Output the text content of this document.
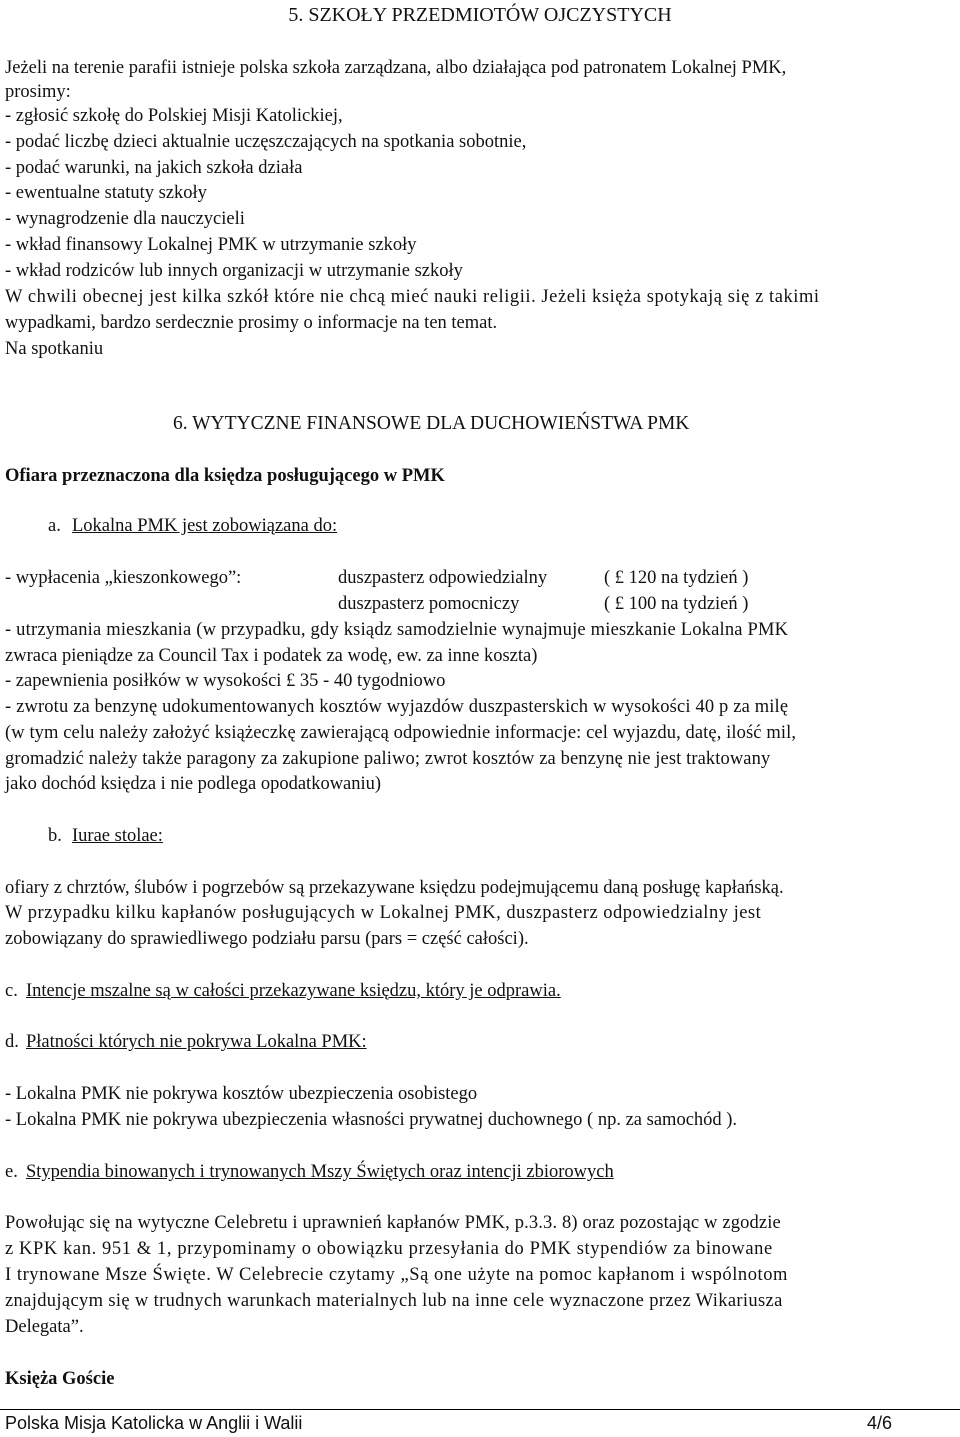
5. SZKOŁY PRZEDMIOTÓW OJCZYSTYCH
Jeżeli na terenie parafii istnieje polska szkoła zarządzana, albo działająca pod patronatem Lokalnej PMK,
prosimy:
- zgłosić szkołę do Polskiej Misji Katolickiej,
- podać liczbę dzieci aktualnie uczęszczających na spotkania sobotnie,
- podać warunki, na jakich szkoła działa
- ewentualne statuty szkoły
- wynagrodzenie dla nauczycieli
- wkład finansowy Lokalnej PMK w utrzymanie szkoły
- wkład rodziców lub innych organizacji w utrzymanie szkoły
W chwili obecnej jest kilka szkół które nie chcą mieć nauki religii. Jeżeli księża spotykają się z takimi
wypadkami, bardzo serdecznie prosimy o informacje na ten temat.
Na spotkaniu
6. WYTYCZNE FINANSOWE DLA DUCHOWIEŃSTWA PMK
Ofiara przeznaczona dla księdza posługującego w PMK
a. Lokalna PMK jest zobowiązana do:
- wypłacenia „kieszonkowego”:	duszpasterz odpowiedzialny	( £ 120 na tydzień )
duszpasterz pomocniczy	( £ 100 na tydzień )
- utrzymania mieszkania (w przypadku, gdy ksiądz samodzielnie wynajmuje mieszkanie Lokalna PMK
zwraca pieniądze za Council Tax i podatek za wodę, ew. za inne koszta)
- zapewnienia posiłków w wysokości £ 35 - 40 tygodniowo
- zwrotu za benzynę udokumentowanych kosztów wyjazdów duszpasterskich w wysokości 40 p za milę
(w tym celu należy założyć książeczkę zawierającą odpowiednie informacje: cel wyjazdu, datę, ilość mil,
gromadzić należy także paragony za zakupione paliwo; zwrot kosztów za benzynę nie jest traktowany
jako dochód księdza i nie podlega opodatkowaniu)
b. Iurae stolae:
ofiary z chrztów, ślubów i pogrzebów są przekazywane księdzu podejmującemu daną posługę kapłańską.
W przypadku kilku kapłanów posługujących w Lokalnej PMK, duszpasterz odpowiedzialny jest
zobowiązany do sprawiedliwego podziału parsu (pars = część całości).
c. Intencje mszalne są w całości przekazywane księdzu, który je odprawia.
d. Płatności których nie pokrywa Lokalna PMK:
- Lokalna PMK nie pokrywa kosztów ubezpieczenia osobistego
- Lokalna PMK nie pokrywa ubezpieczenia własności prywatnej duchownego ( np. za samochód ).
e. Stypendia binowanych i trynowanych Mszy Świętych oraz intencji zbiorowych
Powołując się na wytyczne Celebretu i uprawnień kapłanów PMK, p.3.3. 8) oraz pozostając w zgodzie
z KPK kan. 951 & 1, przypominamy o obowiązku przesyłania do PMK stypendiów za binowane
I trynowane Msze Święte. W Celebrecie czytamy „Są one użyte na pomoc kapłanom i wspólnotom
znajdującym się w trudnych warunkach materialnych lub na inne cele wyznaczone przez Wikariusza
Delegata”.
Księża Goście
Polska Misja Katolicka w Anglii i Walii	4/6
